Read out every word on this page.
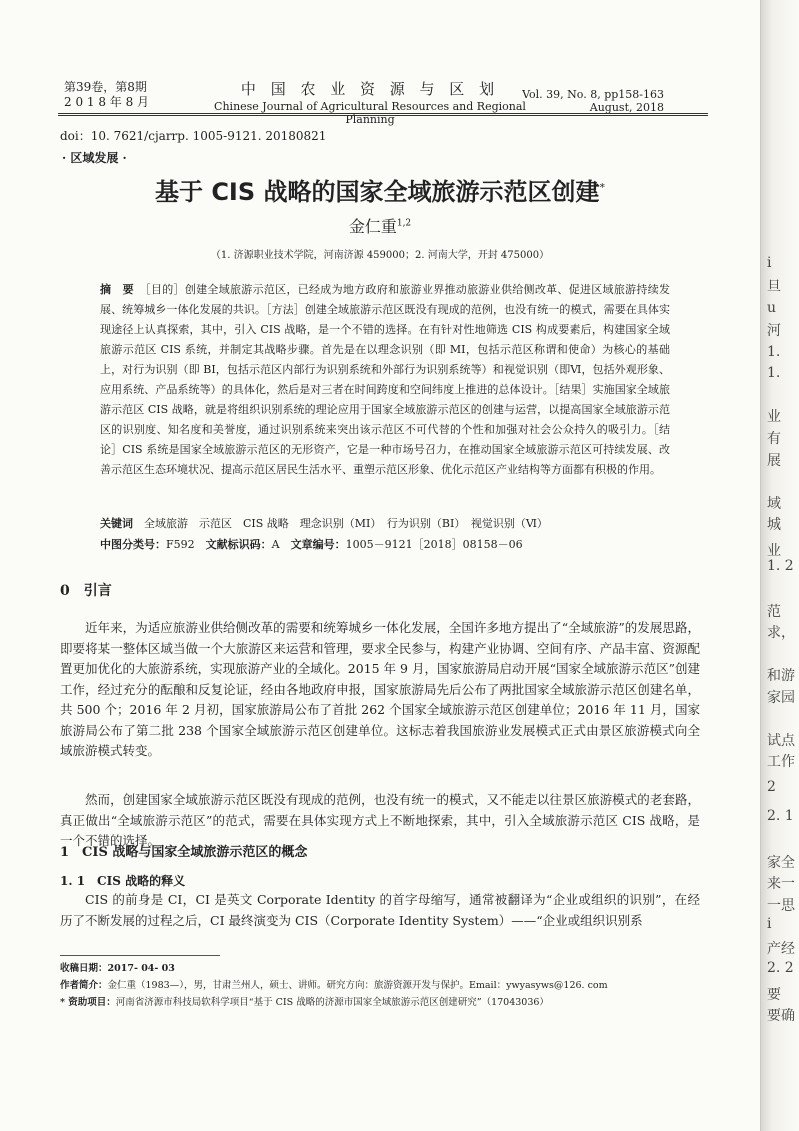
第39卷，第8期
2 0 1 8 年 8 月
中 国 农 业 资 源 与 区 划
Chinese Journal of Agricultural Resources and Regional Planning
Vol. 39, No. 8, pp158-163
August, 2018
doi：10. 7621/cjarrp. 1005-9121. 20180821
· 区域发展 ·
基于 CIS 战略的国家全域旅游示范区创建*
金仁重$^{1,2}$
（1. 济源职业技术学院，河南济源 459000；2. 河南大学，开封 475000）
摘　要　 ［目的］创建全域旅游示范区，已经成为地方政府和旅游业界推动旅游业供给侧改革、促进区域旅游持续发展、统筹城乡一体化发展的共识。［方法］创建全域旅游示范区既没有现成的范例，也没有统一的模式，需要在具体实现途径上认真探索，其中，引入 CIS 战略，是一个不错的选择。在有针对性地筛选 CIS 构成要素后，构建国家全域旅游示范区 CIS 系统，并制定其战略步骤。首先是在以理念识别（即 MI，包括示范区称谓和使命）为核心的基础上，对行为识别（即 BI，包括示范区内部行为识别系统和外部行为识别系统等）和视觉识别（即Ⅵ，包括外观形象、应用系统、产品系统等）的具体化，然后是对三者在时间跨度和空间纬度上推进的总体设计。［结果］实施国家全域旅游示范区 CIS 战略，就是将组织识别系统的理论应用于国家全域旅游示范区的创建与运营，以提高国家全域旅游示范区的识别度、知名度和美誉度，通过识别系统来突出该示范区不可代替的个性和加强对社会公众持久的吸引力。［结论］CIS 系统是国家全域旅游示范区的无形资产，它是一种市场号召力，在推动国家全域旅游示范区可持续发展、改善示范区生态环境状况、提高示范区居民生活水平、重塑示范区形象、优化示范区产业结构等方面都有积极的作用。
关键词　 全域旅游　示范区　CIS 战略　理念识别（MI）　行为识别（BI）　视觉识别（Ⅵ）
中图分类号：F592　 文献标识码：A　 文章编号：1005－9121［2018］08158－06
0　引言
近年来，为适应旅游业供给侧改革的需要和统筹城乡一体化发展，全国许多地方提出了“全域旅游”的发展思路，即要将某一整体区域当做一个大旅游区来运营和管理，要求全民参与，构建产业协调、空间有序、产品丰富、资源配置更加优化的大旅游系统，实现旅游产业的全域化。2015 年 9 月，国家旅游局启动开展“国家全域旅游示范区”创建工作，经过充分的酝酿和反复论证，经由各地政府申报，国家旅游局先后公布了两批国家全域旅游示范区创建名单，共 500 个；2016 年 2 月初，国家旅游局公布了首批 262 个国家全域旅游示范区创建单位；2016 年 11 月，国家旅游局公布了第二批 238 个国家全域旅游示范区创建单位。这标志着我国旅游业发展模式正式由景区旅游模式向全域旅游模式转变。
然而，创建国家全域旅游示范区既没有现成的范例，也没有统一的模式，又不能走以往景区旅游模式的老套路，真正做出“全域旅游示范区”的范式，需要在具体实现方式上不断地探索，其中，引入全域旅游示范区 CIS 战略，是一个不错的选择。
1　CIS 战略与国家全域旅游示范区的概念
1. 1　CIS 战略的释义
CIS 的前身是 CI，CI 是英文 Corporate Identity 的首字母缩写，通常被翻译为“企业或组织的识别”，在经历了不断发展的过程之后，CI 最终演变为 CIS（Corporate Identity System）——“企业或组织识别系
收稿日期：2017- 04- 03
作者简介：金仁重（1983—），男，甘肃兰州人，硕士、讲师。研究方向：旅游资源开发与保护。Email：ywyasyws@126. com
* 资助项目：河南省济源市科技局软科学项目“基于 CIS 战略的济源市国家全域旅游示范区创建研究”（17043036）
i
旦
u
河
1.
1.
业
有
展
域
城
业
1. 2
范
求，
和游
家园
试点
工作
2
2. 1
家全
来一
一思
i
产经
2. 2
要
要确
